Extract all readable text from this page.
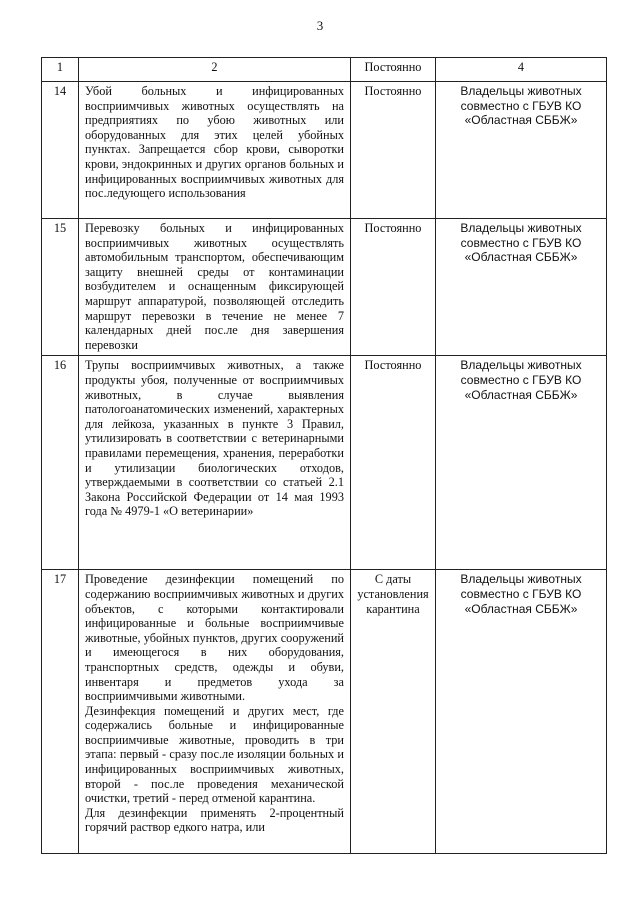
3
1	2	Постоянно	4
14	Убой больных и инфицированных восприимчивых животных осуществлять на предприятиях по убою животных или оборудованных для этих целей убойных пунктах. Запрещается сбор крови, сыворотки крови, эндокринных и других органов больных и инфицированных восприимчивых животных для пос.ледующего использования	Постоянно	Владельцы животных совместно с ГБУВ КО «Областная СББЖ»
15	Перевозку больных и инфицированных восприимчивых животных осуществлять автомобильным транспортом, обеспечивающим защиту внешней среды от контаминации возбудителем и оснащенным фиксирующей маршрут аппаратурой, позволяющей отследить маршрут перевозки в течение не менее 7 календарных дней пос.ле дня завершения перевозки	Постоянно	Владельцы животных совместно с ГБУВ КО «Областная СББЖ»
16	Трупы восприимчивых животных, а также продукты убоя, полученные от восприимчивых животных, в случае выявления патологоанатомических изменений, характерных для лейкоза, указанных в пункте 3 Правил, утилизировать в соответствии с ветеринарными правилами перемещения, хранения, переработки и утилизации биологических отходов, утверждаемыми в соответствии со статьей 2.1 Закона Российской Федерации от 14 мая 1993 года № 4979-1 «О ветеринарии»	Постоянно	Владельцы животных совместно с ГБУВ КО «Областная СББЖ»
17	Проведение дезинфекции помещений по содержанию восприимчивых животных и других объектов, с которыми контактировали инфицированные и больные восприимчивые животные, убойных пунктов, других сооружений и имеющегося в них оборудования, транспортных средств, одежды и обуви, инвентаря и предметов ухода за восприимчивыми животными.
Дезинфекция помещений и других мест, где содержались больные и инфицированные восприимчивые животные, проводить в три этапа: первый - сразу пос.ле изоляции больных и инфицированных восприимчивых животных, второй - пос.ле проведения механической очистки, третий - перед отменой карантина.
Для дезинфекции применять 2-процентный горячий раствор едкого натра, или	С даты установления карантина	Владельцы животных совместно с ГБУВ КО «Областная СББЖ»
